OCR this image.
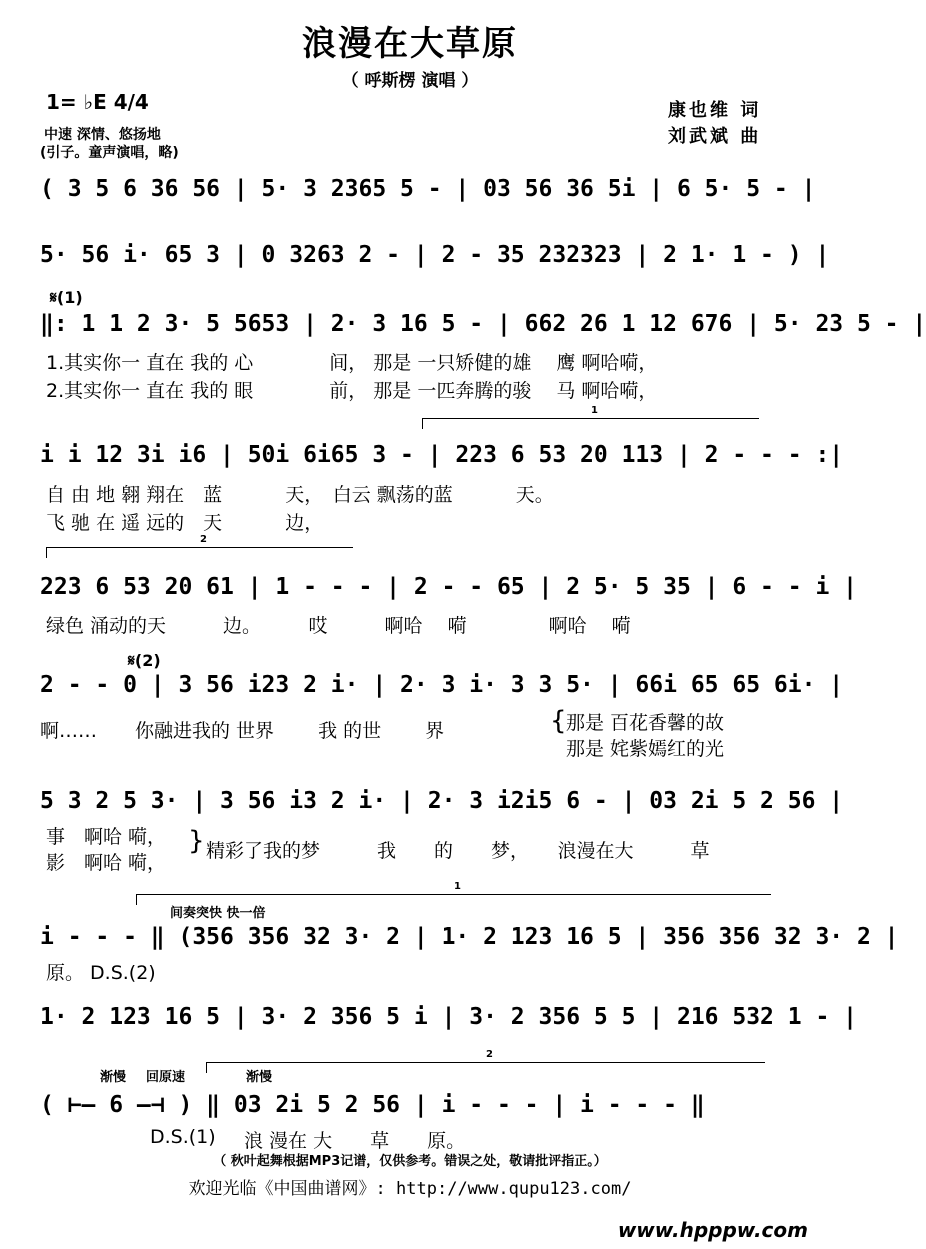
浪漫在大草原
（ 呼斯楞 演唱 ）
1= ♭E 4/4
中速 深情、悠扬地
(引子。童声演唱，略)
康也维 词
刘武斌 曲
( 3 5 6 36 56 | 5· 3 2365 5 - | 03 56 36 5i | 6 5· 5 - |
5· 56 i· 65 3 | 0 3263 2 - | 2 - 35 232323 | 2 1· 1 - ) |
𝄋(1)
‖: 1 1 2 3· 5 5653 | 2· 3 16 5 - | 662 26 1 12 676 | 5· 23 5 - |
1.其实你一 直在 我的 心　　　　间， 那是 一只矫健的雄　 鹰 啊哈嗬，
2.其实你一 直在 我的 眼　　　　前， 那是 一匹奔腾的骏　 马 啊哈嗬，
1
i i 12 3i i6 | 50i 6i65 3 - | 223 6 53 20 113 | 2 - - - :|
自 由 地 翱 翔在　蓝　　　 天，　白云 飘荡的蓝　　　 天。
飞 驰 在 遥 远的　天　　　 边，
2
223 6 53 20 61 | 1 - - - | 2 - - 65 | 2 5· 5 35 | 6 - - i |
绿色 涌动的天　　　边。　　　哎　　　啊哈　 嗬　　　　 啊哈　 嗬
𝄋(2)
2 - - 0 | 3 56 i23 2 i· | 2· 3 i· 3 3 5· | 66i 65 65 6i· |
啊……　　你融进我的 世界　　 我 的世　　 界	{ 那是 百花香馨的故
那是 姹紫嫣红的光
5 3 2 5 3· | 3 56 i3 2 i· | 2· 3 i2i5 6 - | 03 2i 5 2 56 |
事　啊哈 嗬，
影　啊哈 嗬，
} 精彩了我的梦　　　我　　的　　梦，　　浪漫在大　　　草
1
间奏突快 快一倍
i - - - ‖ (356 356 32 3· 2 | 1· 2 123 16 5 | 356 356 32 3· 2 |
原。 D.S.(2)
1· 2 123 16 5 | 3· 2 356 5 i | 3· 2 356 5 5 | 216 532 1 - |
渐慢 回原速	渐慢
2
( ⊢— 6 —⊣ ) ‖ 03 2i 5 2 56 | i - - - | i - - - ‖
D.S.(1) 浪 漫在 大　　草　　原。
（ 秋叶起舞根据MP3记谱，仅供参考。错误之处，敬请批评指正。）
欢迎光临《中国曲谱网》: http://www.qupu123.com/
www.hpppw.com
